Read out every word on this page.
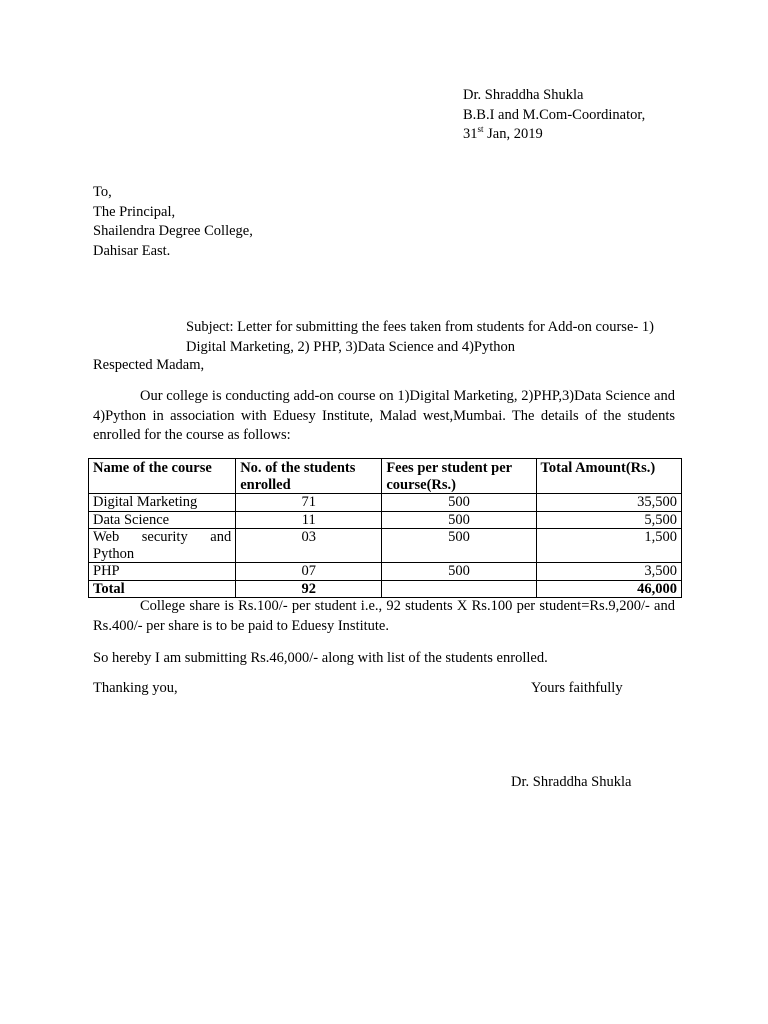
Dr. Shraddha Shukla
B.B.I and M.Com-Coordinator,
31st Jan, 2019
To,
The Principal,
Shailendra Degree College,
Dahisar East.
Subject: Letter for submitting the fees taken from students for Add-on course- 1) Digital Marketing, 2) PHP, 3)Data Science and 4)Python
Respected Madam,
Our college is conducting add-on course on 1)Digital Marketing, 2)PHP,3)Data Science and 4)Python in association with Eduesy Institute, Malad west,Mumbai. The details of the students enrolled for the course as follows:
Name of the course	No. of the students enrolled	Fees per student per course(Rs.)	Total Amount(Rs.)
Digital Marketing	71	500	35,500
Data Science	11	500	5,500

Web security and
Python	03	500	1,500
PHP	07	500	3,500
Total	92		46,000
College share is Rs.100/- per student i.e., 92 students X Rs.100 per student=Rs.9,200/- and Rs.400/- per share is to be paid to Eduesy Institute.
So hereby I am submitting Rs.46,000/- along with list of the students enrolled.
Thanking you,	Yours faithfully
Dr. Shraddha Shukla
